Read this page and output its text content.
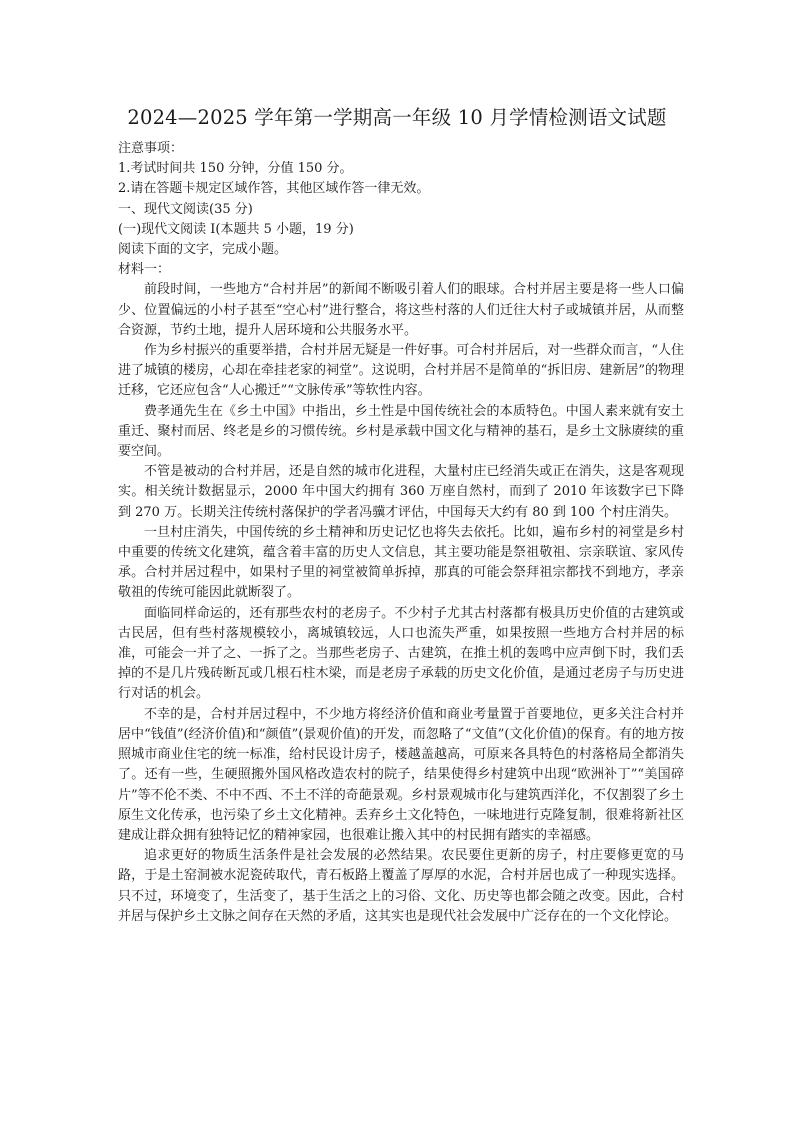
2024—2025 学年第一学期高一年级 10 月学情检测语文试题

注意事项：

1.考试时间共 150 分钟，分值 150 分。

2.请在答题卡规定区域作答，其他区域作答一律无效。

一、现代文阅读(35 分)

(一)现代文阅读 I(本题共 5 小题，19 分)

阅读下面的文字，完成小题。

材料一：

前段时间，一些地方“合村并居”的新闻不断吸引着人们的眼球。合村并居主要是将一些人口偏少、位置偏远的小村子甚至“空心村”进行整合，将这些村落的人们迁往大村子或城镇并居，从而整合资源，节约土地，提升人居环境和公共服务水平。

作为乡村振兴的重要举措，合村并居无疑是一件好事。可合村并居后，对一些群众而言，“人住进了城镇的楼房，心却在牵挂老家的祠堂”。这说明，合村并居不是简单的“拆旧房、建新居”的物理迁移，它还应包含“人心搬迁”“文脉传承”等软性内容。

费孝通先生在《乡土中国》中指出，乡土性是中国传统社会的本质特色。中国人素来就有安土重迁、聚村而居、终老是乡的习惯传统。乡村是承载中国文化与精神的基石，是乡土文脉赓续的重要空间。

不管是被动的合村并居，还是自然的城市化进程，大量村庄已经消失或正在消失，这是客观现实。相关统计数据显示，2000 年中国大约拥有 360 万座自然村，而到了 2010 年该数字已下降到 270 万。长期关注传统村落保护的学者冯骥才评估，中国每天大约有 80 到 100 个村庄消失。

一旦村庄消失，中国传统的乡土精神和历史记忆也将失去依托。比如，遍布乡村的祠堂是乡村中重要的传统文化建筑，蕴含着丰富的历史人文信息，其主要功能是祭祖敬祖、宗亲联谊、家风传承。合村并居过程中，如果村子里的祠堂被简单拆掉，那真的可能会祭拜祖宗都找不到地方，孝亲敬祖的传统可能因此就断裂了。

面临同样命运的，还有那些农村的老房子。不少村子尤其古村落都有极具历史价值的古建筑或古民居，但有些村落规模较小，离城镇较远，人口也流失严重，如果按照一些地方合村并居的标准，可能会一并了之、一拆了之。当那些老房子、古建筑，在推土机的轰鸣中应声倒下时，我们丢掉的不是几片残砖断瓦或几根石柱木梁，而是老房子承载的历史文化价值，是通过老房子与历史进行对话的机会。

不幸的是，合村并居过程中，不少地方将经济价值和商业考量置于首要地位，更多关注合村并居中“钱值”(经济价值)和“颜值”(景观价值)的开发，而忽略了“文值”(文化价值)的保育。有的地方按照城市商业住宅的统一标准，给村民设计房子，楼越盖越高，可原来各具特色的村落格局全都消失了。还有一些，生硬照搬外国风格改造农村的院子，结果使得乡村建筑中出现“欧洲补丁”“美国碎片”等不伦不类、不中不西、不土不洋的奇葩景观。乡村景观城市化与建筑西洋化，不仅割裂了乡土原生文化传承，也污染了乡土文化精神。丢弃乡土文化特色，一味地进行克隆复制，很难将新社区建成让群众拥有独特记忆的精神家园，也很难让搬入其中的村民拥有踏实的幸福感。

追求更好的物质生活条件是社会发展的必然结果。农民要住更新的房子，村庄要修更宽的马路，于是土窑洞被水泥瓷砖取代，青石板路上覆盖了厚厚的水泥，合村并居也成了一种现实选择。只不过，环境变了，生活变了，基于生活之上的习俗、文化、历史等也都会随之改变。因此，合村并居与保护乡土文脉之间存在天然的矛盾，这其实也是现代社会发展中广泛存在的一个文化悖论。
